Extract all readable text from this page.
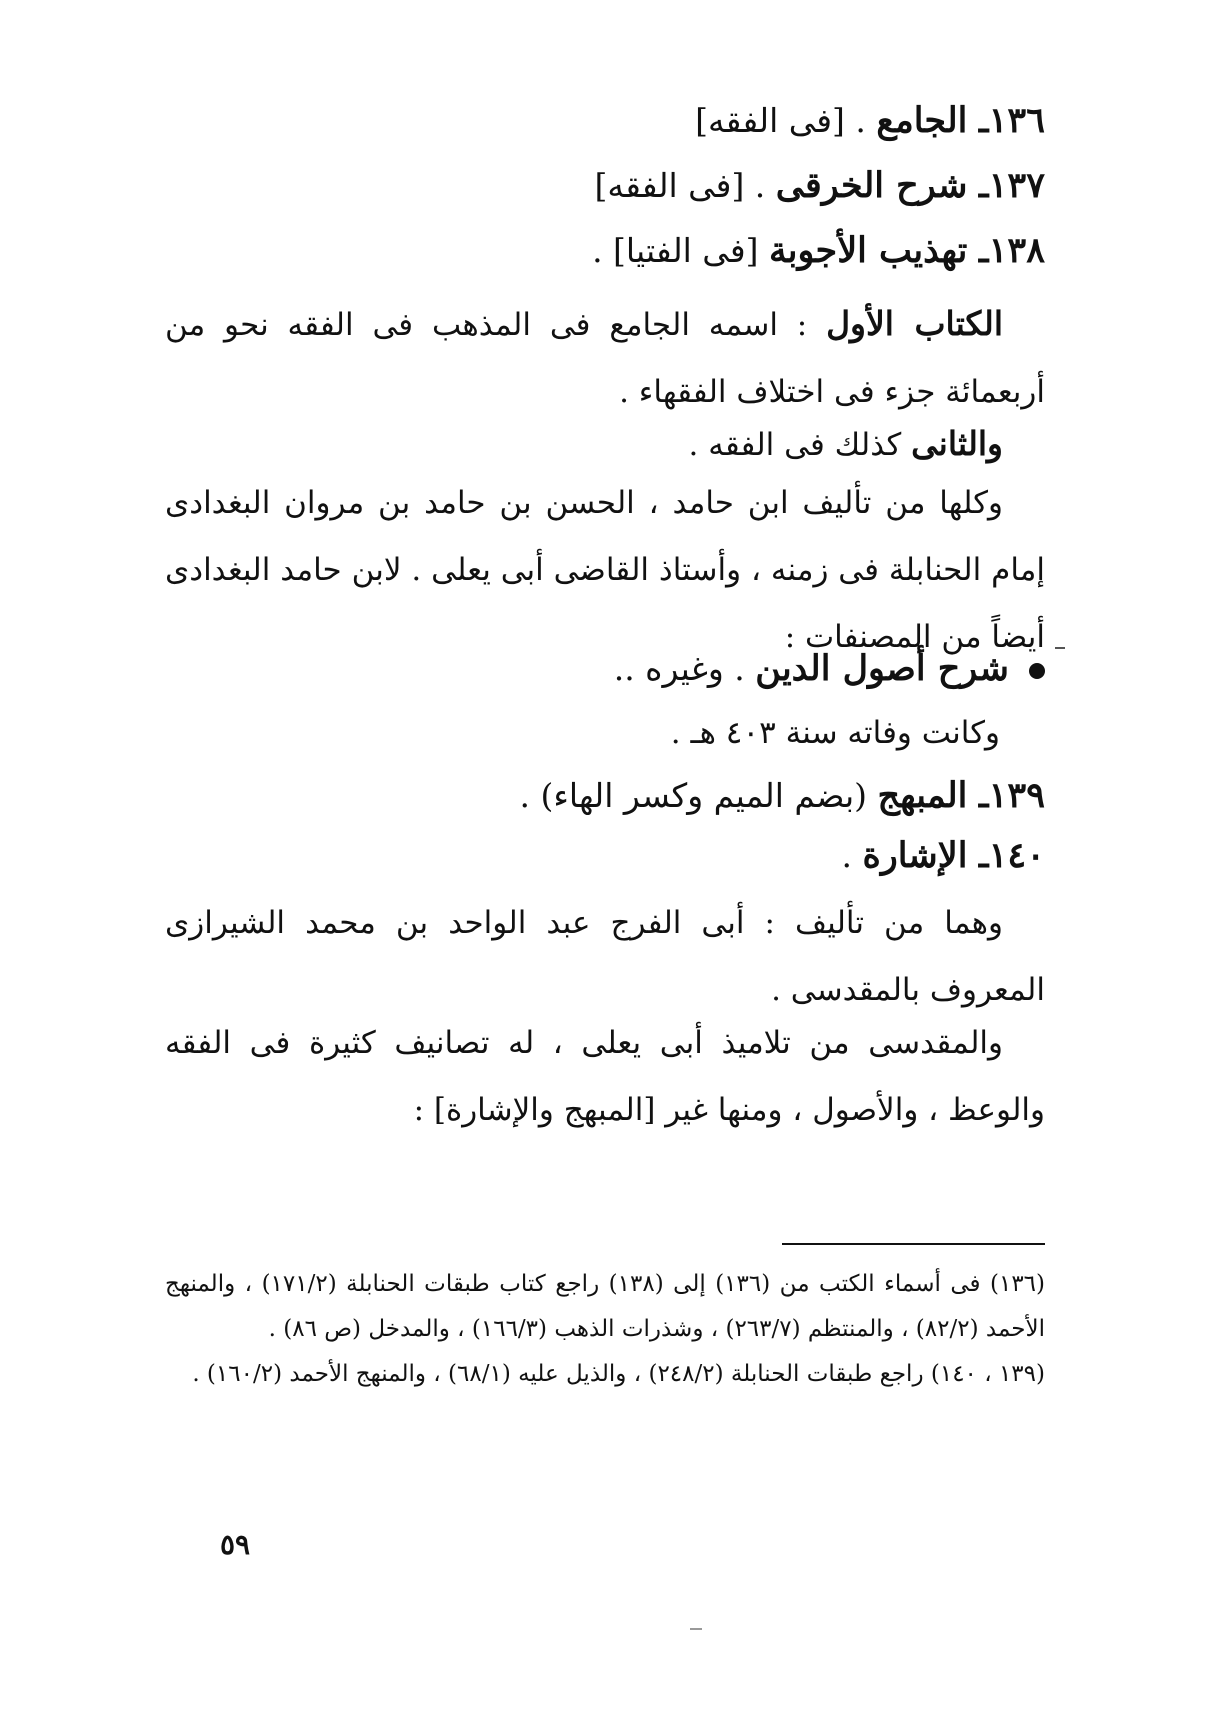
١٣٦ـ الجامع . [فى الفقه]
١٣٧ـ شرح الخرقى . [فى الفقه]
١٣٨ـ تهذيب الأجوبة [فى الفتيا] .
الكتاب الأول : اسمه الجامع فى المذهب فى الفقه نحو من أربعمائة جزء فى اختلاف الفقهاء .
والثانى كذلك فى الفقه .
وكلها من تأليف ابن حامد ، الحسن بن حامد بن مروان البغدادى إمام الحنابلة فى زمنه ، وأستاذ القاضى أبى يعلى . لابن حامد البغدادى أيضاً من المصنفات :
شرح أصول الدين . وغيره ..
وكانت وفاته سنة ٤٠٣ هـ .
١٣٩ـ المبهج (بضم الميم وكسر الهاء) .
١٤٠ـ الإشارة .
وهما من تأليف : أبى الفرج عبد الواحد بن محمد الشيرازى المعروف بالمقدسى .
والمقدسى من تلاميذ أبى يعلى ، له تصانيف كثيرة فى الفقه والوعظ ، والأصول ، ومنها غير [المبهج والإشارة] :

(١٣٦) فى أسماء الكتب من (١٣٦) إلى (١٣٨) راجع كتاب طبقات الحنابلة (١٧١/٢) ، والمنهج الأحمد (٨٢/٢) ، والمنتظم (٢٦٣/٧) ، وشذرات الذهب (١٦٦/٣) ، والمدخل (ص ٨٦) .

(١٣٩ ، ١٤٠) راجع طبقات الحنابلة (٢٤٨/٢) ، والذيل عليه (٦٨/١) ، والمنهج الأحمد (١٦٠/٢) .

٥٩
